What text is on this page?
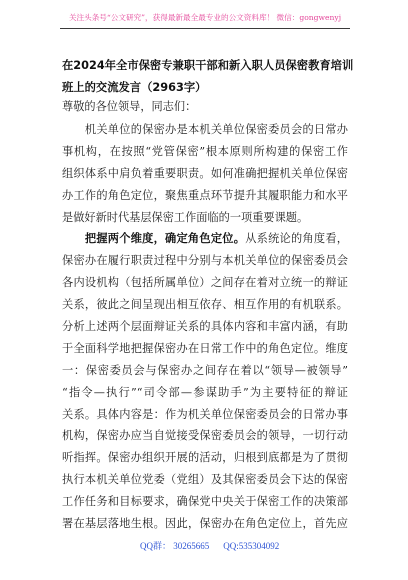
关注头条号“公文研究”，获得最新最全最专业的公文资料库！ 微信：gongwenyj
在2024年全市保密专兼职干部和新入职人员保密教育培训
班上的交流发言（2963字）
尊敬的各位领导，同志们：
机关单位的保密办是本机关单位保密委员会的日常办
事机构，在按照“党管保密”根本原则所构建的保密工作
组织体系中肩负着重要职责。如何准确把握机关单位保密
办工作的角色定位，聚焦重点环节提升其履职能力和水平
是做好新时代基层保密工作面临的一项重要课题。
把握两个维度，确定角色定位。从系统论的角度看，
保密办在履行职责过程中分别与本机关单位的保密委员会
各内设机构（包括所属单位）之间存在着对立统一的辩证
关系，彼此之间呈现出相互依存、相互作用的有机联系。
分析上述两个层面辩证关系的具体内容和丰富内涵，有助
于全面科学地把握保密办在日常工作中的角色定位。维度
一：保密委员会与保密办之间存在着以“领导—被领导”
“指令—执行”“司令部—参谋助手”为主要特征的辩证
关系。具体内容是：作为机关单位保密委员会的日常办事
机构，保密办应当自觉接受保密委员会的领导，一切行动
听指挥。保密办组织开展的活动，归根到底都是为了贯彻
执行本机关单位党委（党组）及其保密委员会下达的保密
工作任务和目标要求，确保党中央关于保密工作的决策部
署在基层落地生根。因此，保密办在角色定位上，首先应
QQ群： 30265665 QQ:535304092
